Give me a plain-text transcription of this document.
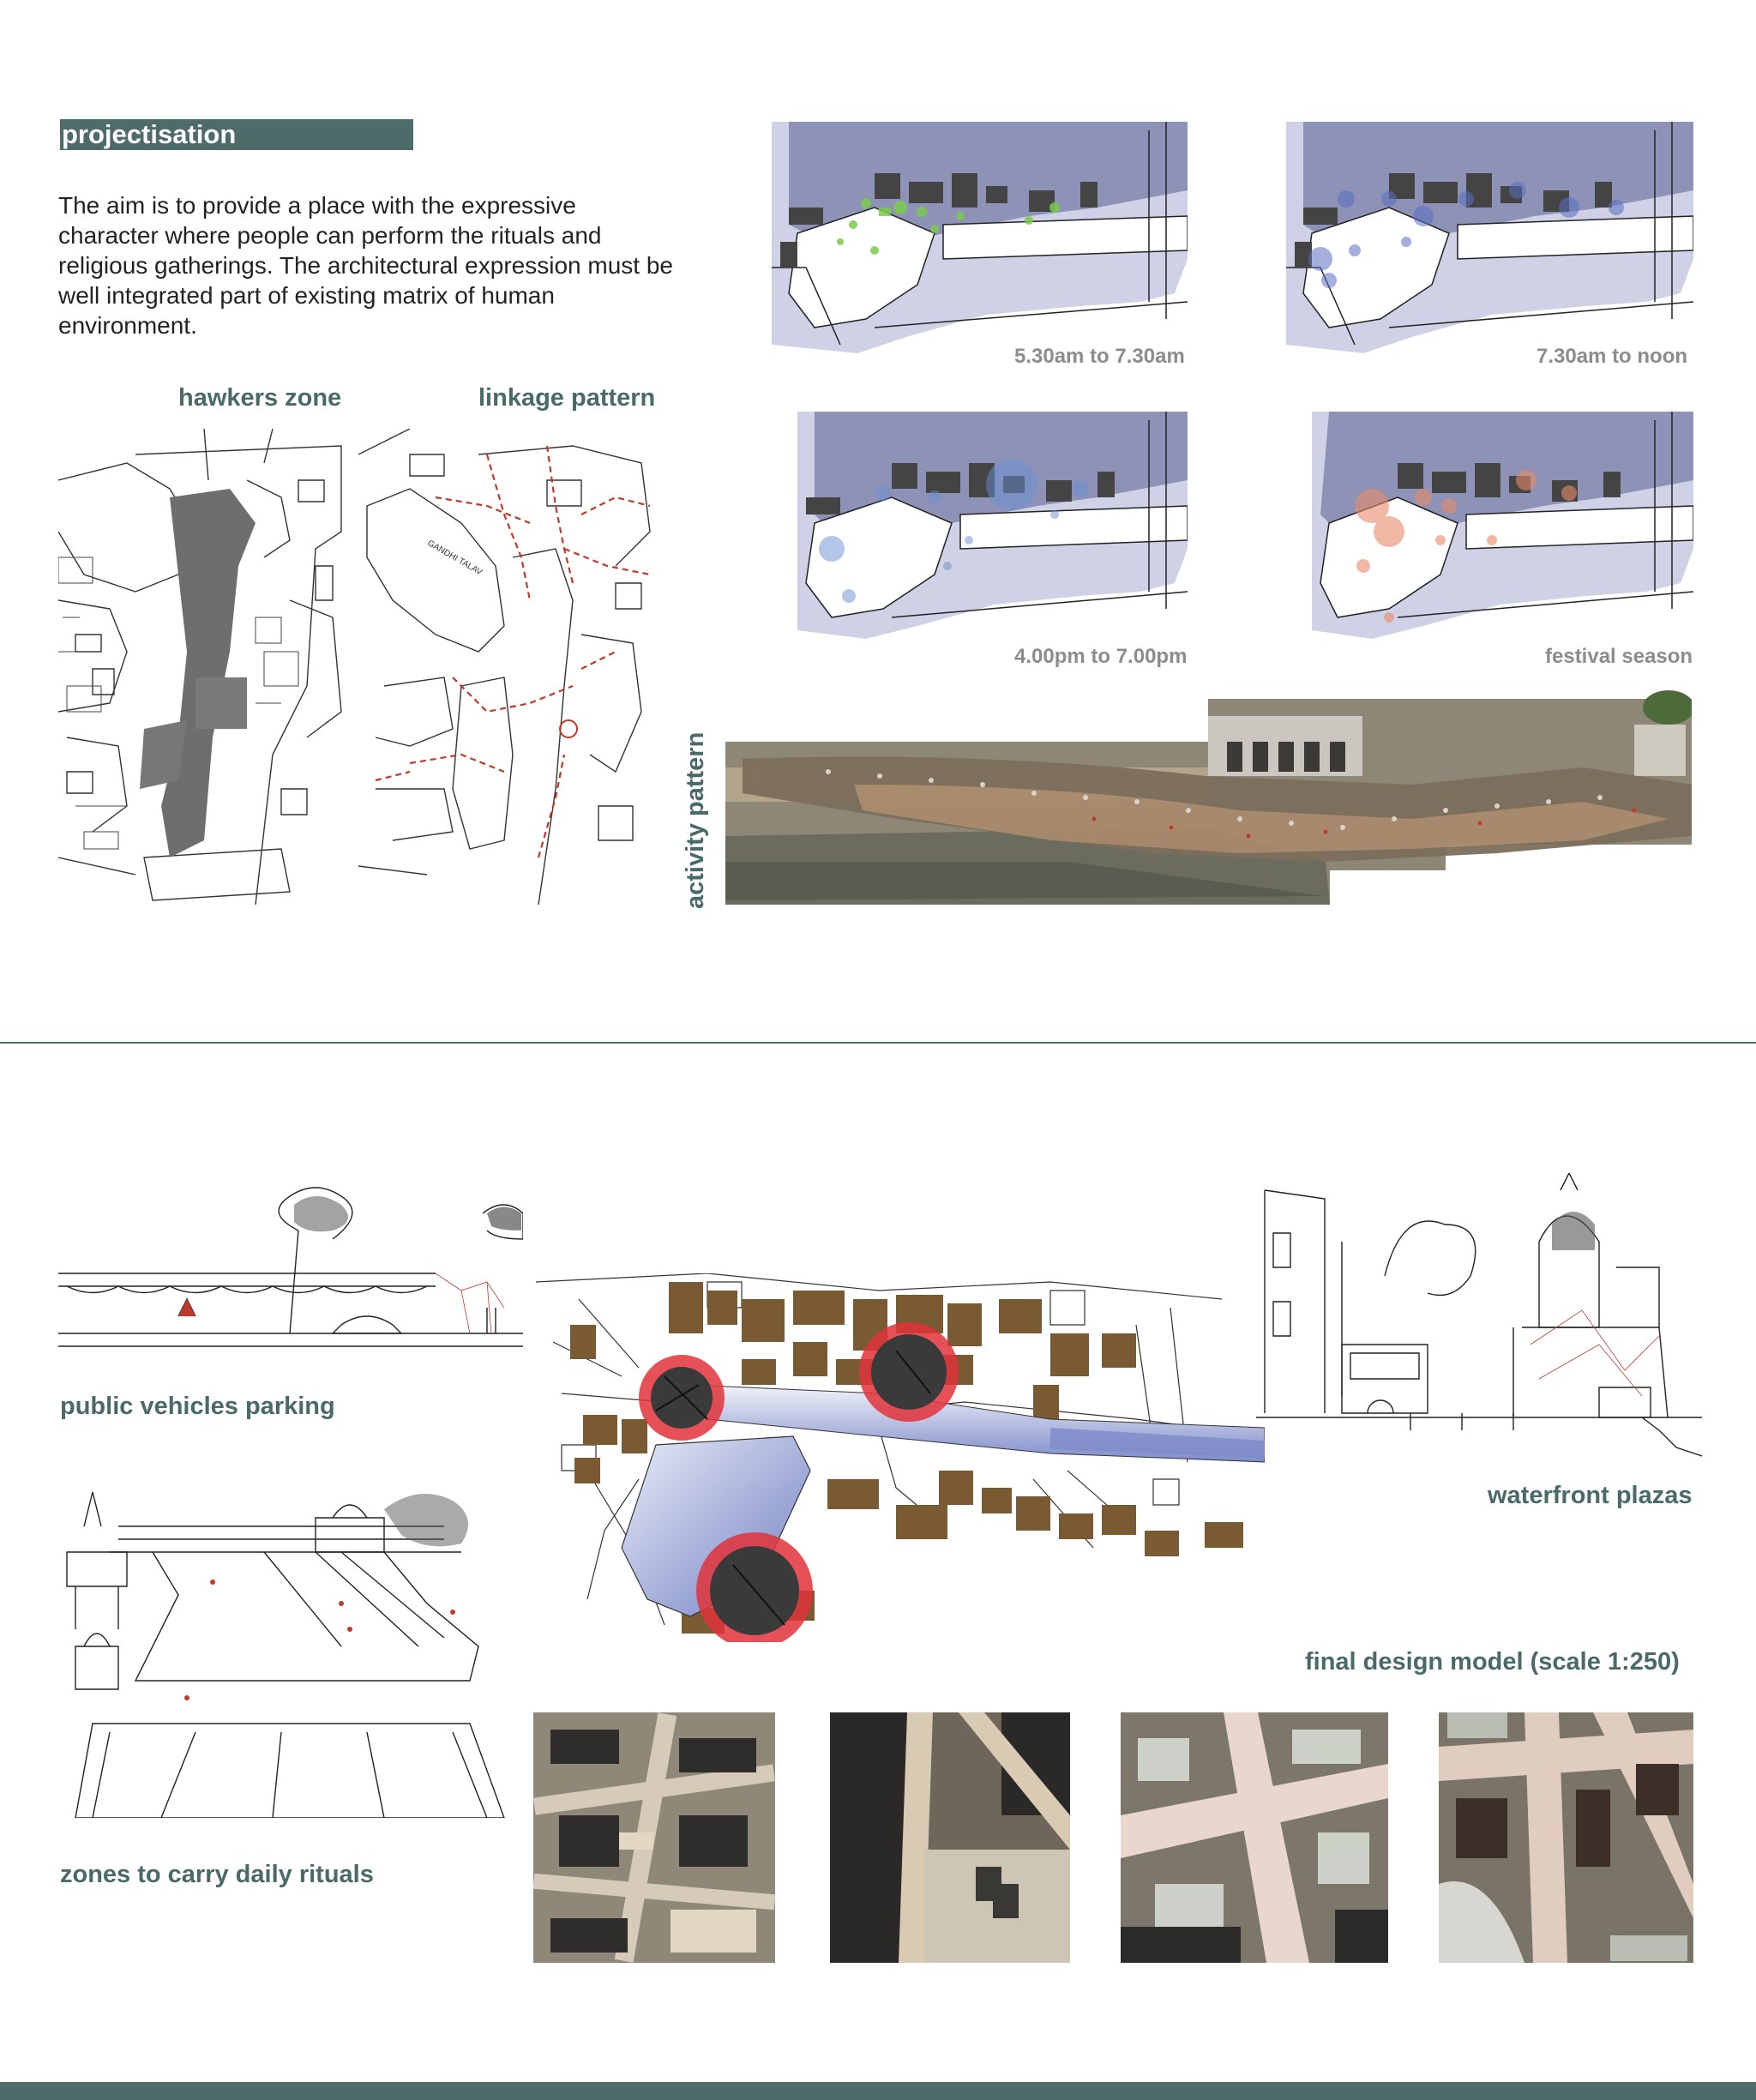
projectisation
The aim is to provide a place with the expressive character where people can perform the rituals and religious gatherings. The architectural expression must be well integrated part of existing matrix of human environment.
hawkers zone	linkage pattern
GANDHI TALAV
5.30am to 7.30am	7.30am to noon
4.00pm to 7.00pm	festival season
activity pattern
public vehicles parking
zones to carry daily rituals
waterfront plazas
final design model (scale 1:250)
